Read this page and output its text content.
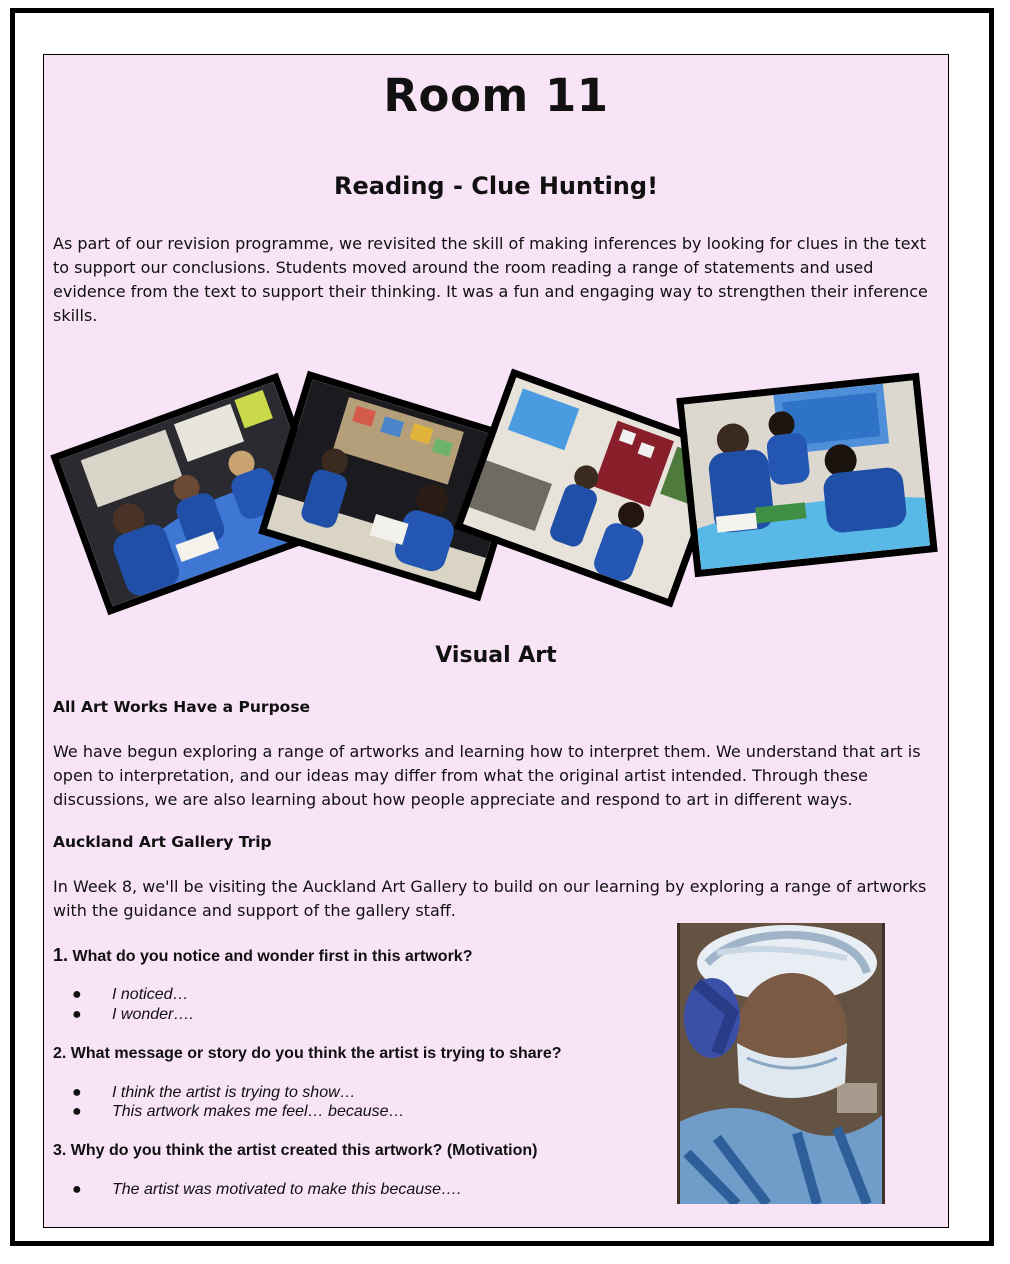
Room 11
Reading - Clue Hunting!
As part of our revision programme, we revisited the skill of making inferences by looking for clues in the text to support our conclusions. Students moved around the room reading a range of statements and used evidence from the text to support their thinking. It was a fun and engaging way to strengthen their inference skills.
Visual Art
All Art Works Have a Purpose
We have begun exploring a range of artworks and learning how to interpret them. We understand that art is open to interpretation, and our ideas may differ from what the original artist intended. Through these discussions, we are also learning about how people appreciate and respond to art in different ways.
Auckland Art Gallery Trip
In Week 8, we'll be visiting the Auckland Art Gallery to build on our learning by exploring a range of artworks with the guidance and support of the gallery staff.
1. What do you notice and wonder first in this artwork?
● I noticed…
● I wonder….
2. What message or story do you think the artist is trying to share?
● I think the artist is trying to show…
● This artwork makes me feel… because…
3. Why do you think the artist created this artwork? (Motivation)
● The artist was motivated to make this because….
